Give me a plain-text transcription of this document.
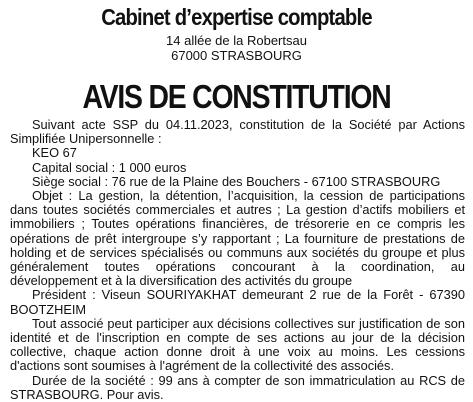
Cabinet d’expertise comptable
14 allée de la Robertsau
67000 STRASBOURG
AVIS DE CONSTITUTION

Suivant acte SSP du 04.11.2023, constitution de la Société par Actions Simplifiée Unipersonnelle :

KEO 67

Capital social : 1 000 euros

Siège social : 76 rue de la Plaine des Bouchers - 67100 STRASBOURG

Objet : La gestion, la détention, l’acquisition, la cession de participations dans toutes sociétés commerciales et autres ; La gestion d’actifs mobiliers et immobiliers ; Toutes opérations financières, de trésorerie en ce compris les opérations de prêt intergroupe s’y rapportant ; La fourniture de prestations de holding et de services spécialisés ou communs aux sociétés du groupe et plus généralement toutes opérations concourant à la coordination, au développement et à la diversification des activités du groupe

Président : Viseun SOURIYAKHAT demeurant 2 rue de la Forêt - 67390 BOOTZHEIM

Tout associé peut participer aux décisions collectives sur justification de son identité et de l'inscription en compte de ses actions au jour de la décision collective, chaque action donne droit à une voix au moins. Les cessions d'actions sont soumises à l'agrément de la collectivité des associés.

Durée de la société : 99 ans à compter de son immatriculation au RCS de STRASBOURG. Pour avis.
